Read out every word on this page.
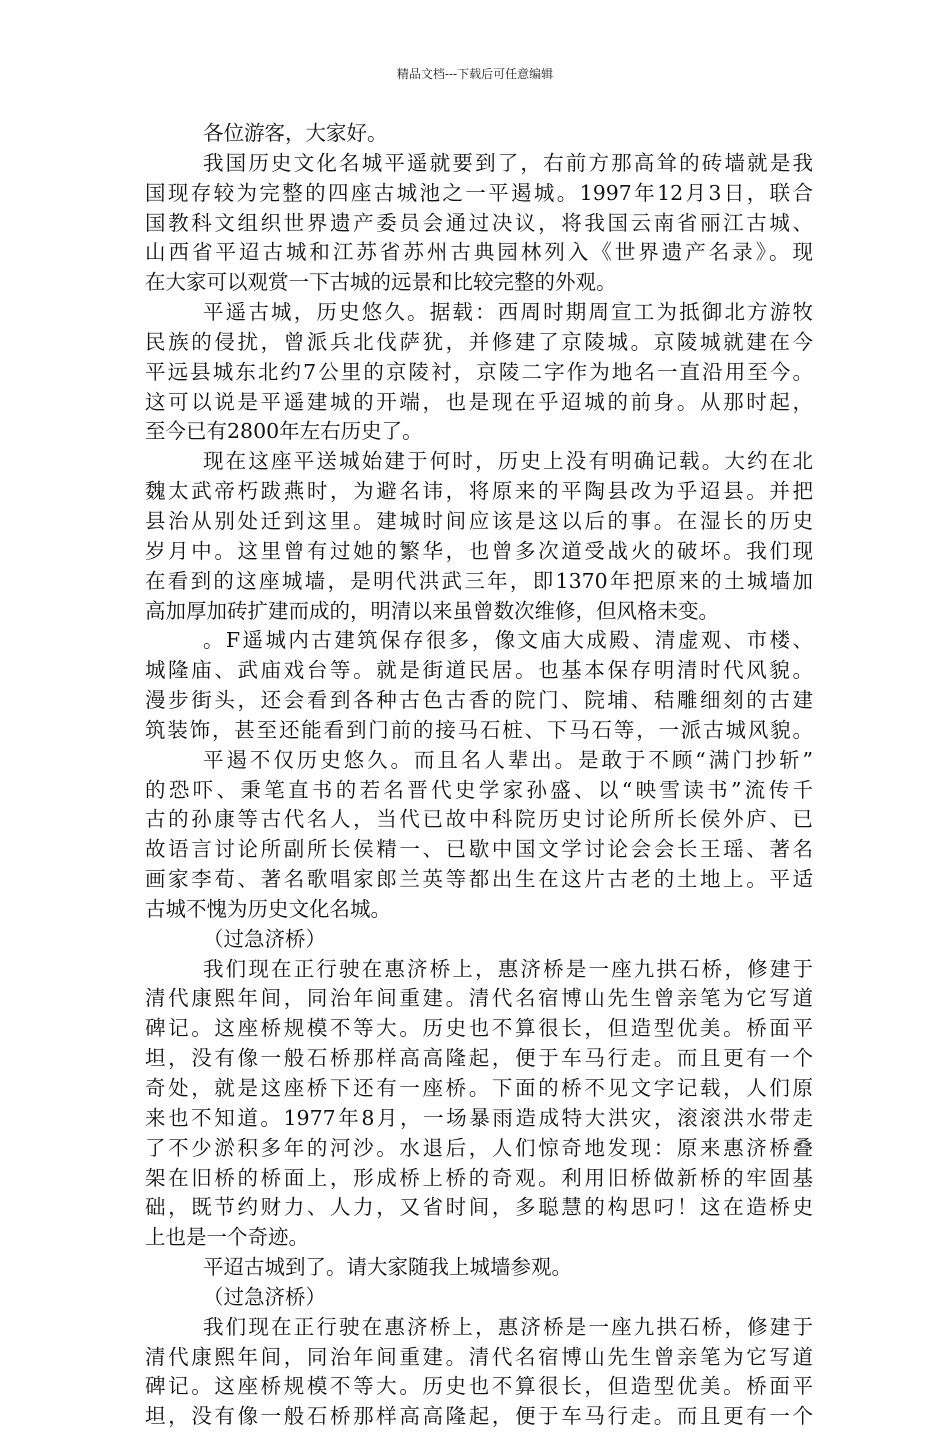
精品文档---下载后可任意编辑
各位游客，大家好。
我国历史文化名城平遥就要到了，右前方那高耸的砖墙就是我
国现存较为完整的四座古城池之一平遏城。1997年12月3日，联合
国教科文组织世界遗产委员会通过决议，将我国云南省丽江古城、
山西省平迢古城和江苏省苏州古典园林列入《世界遗产名录》。现
在大家可以观赏一下古城的远景和比较完整的外观。
平遥古城，历史悠久。据载：西周时期周宣工为抵御北方游牧
民族的侵扰，曾派兵北伐萨犹，并修建了京陵城。京陵城就建在今
平远县城东北约7公里的京陵衬，京陵二字作为地名一直沿用至今。
这可以说是平遥建城的开端，也是现在乎迢城的前身。从那时起，
至今已有2800年左右历史了。
现在这座平送城始建于何时，历史上没有明确记载。大约在北
魏太武帝朽跋燕时，为避名讳，将原来的平陶县改为乎迢县。并把
县治从别处迁到这里。建城时间应该是这以后的事。在湿长的历史
岁月中。这里曾有过她的繁华，也曾多次道受战火的破坏。我们现
在看到的这座城墙，是明代洪武三年，即1370年把原来的土城墙加
高加厚加砖扩建而成的，明清以来虽曾数次维修，但风格未变。
。F遥城内古建筑保存很多，像文庙大成殿、清虚观、市楼、
城隆庙、武庙戏台等。就是街道民居。也基本保存明清时代风貌。
漫步街头，还会看到各种古色古香的院门、院埔、秸雕细刻的古建
筑装饰，甚至还能看到门前的接马石桩、下马石等，一派古城风貌。
平遏不仅历史悠久。而且名人辈出。是敢于不顾“满门抄斩”
的恐吓、秉笔直书的若名晋代史学家孙盛、以“映雪读书”流传千
古的孙康等古代名人，当代已故中科院历史讨论所所长侯外庐、已
故语言讨论所副所长侯精一、已歇中国文学讨论会会长王瑶、著名
画家李荀、著名歌唱家郎兰英等都出生在这片古老的土地上。平适
古城不愧为历史文化名城。
（过急济桥）
我们现在正行驶在惠济桥上，惠济桥是一座九拱石桥，修建于
清代康熙年间，同治年间重建。清代名宿博山先生曾亲笔为它写道
碑记。这座桥规模不等大。历史也不算很长，但造型优美。桥面平
坦，没有像一般石桥那样高高隆起，便于车马行走。而且更有一个
奇处，就是这座桥下还有一座桥。下面的桥不见文字记载，人们原
来也不知道。1977年8月，一场暴雨造成特大洪灾，滚滚洪水带走
了不少淤积多年的河沙。水退后，人们惊奇地发现：原来惠济桥叠
架在旧桥的桥面上，形成桥上桥的奇观。利用旧桥做新桥的牢固基
础，既节约财力、人力，又省时间，多聪慧的构思叼！这在造桥史
上也是一个奇迹。
平迢古城到了。请大家随我上城墙参观。
（过急济桥）
我们现在正行驶在惠济桥上，惠济桥是一座九拱石桥，修建于
清代康熙年间，同治年间重建。清代名宿博山先生曾亲笔为它写道
碑记。这座桥规模不等大。历史也不算很长，但造型优美。桥面平
坦，没有像一般石桥那样高高隆起，便于车马行走。而且更有一个
